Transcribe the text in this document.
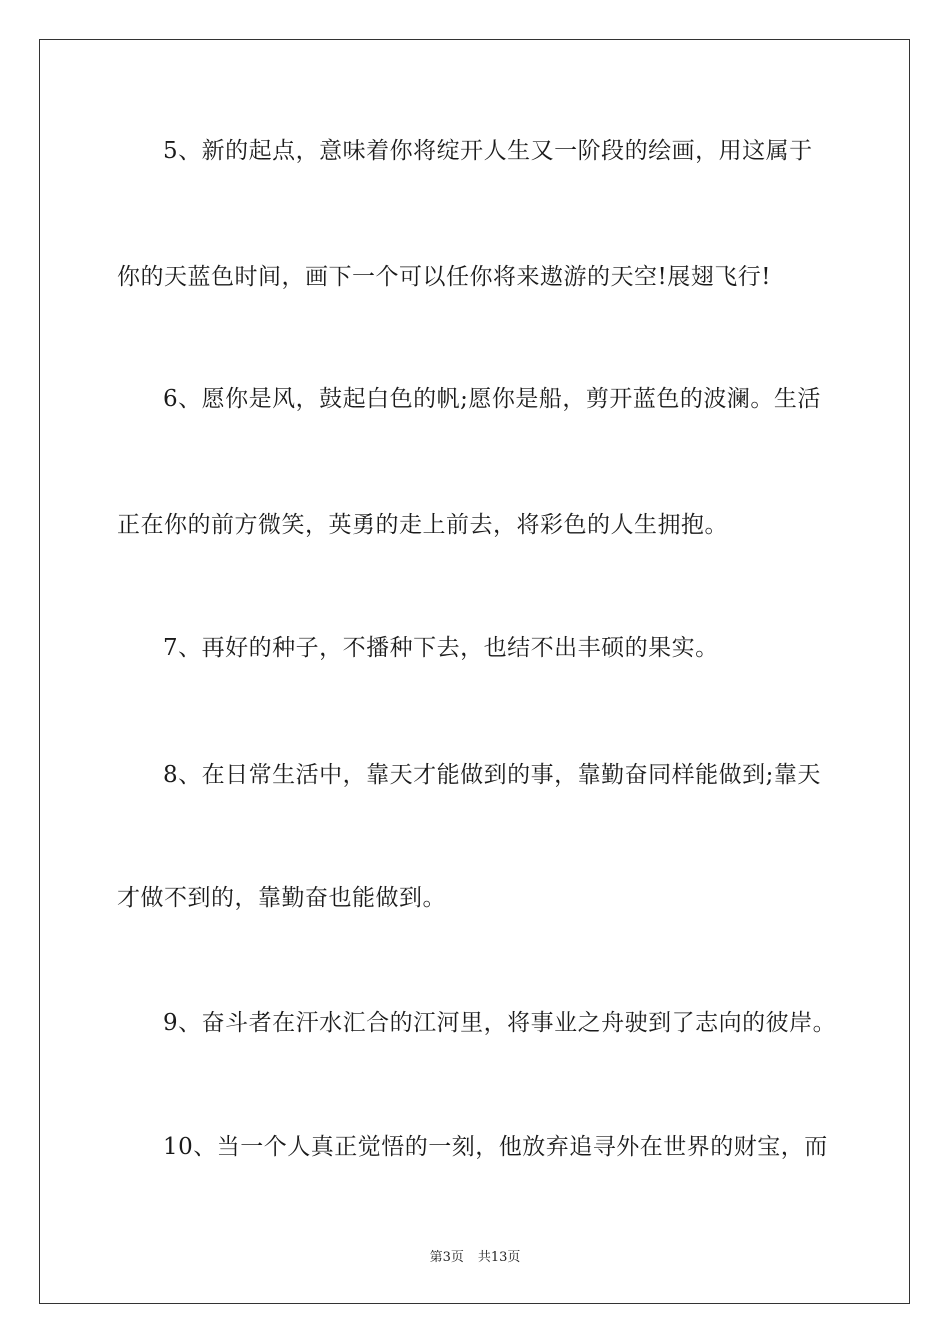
5、新的起点，意味着你将绽开人生又一阶段的绘画，用这属于
你的天蓝色时间，画下一个可以任你将来遨游的天空!展翅飞行!
6、愿你是风，鼓起白色的帆;愿你是船，剪开蓝色的波澜。生活
正在你的前方微笑，英勇的走上前去，将彩色的人生拥抱。
7、再好的种子，不播种下去，也结不出丰硕的果实。
8、在日常生活中，靠天才能做到的事，靠勤奋同样能做到;靠天
才做不到的，靠勤奋也能做到。
9、奋斗者在汗水汇合的江河里，将事业之舟驶到了志向的彼岸。
10、当一个人真正觉悟的一刻，他放弃追寻外在世界的财宝，而
第3页 共13页
